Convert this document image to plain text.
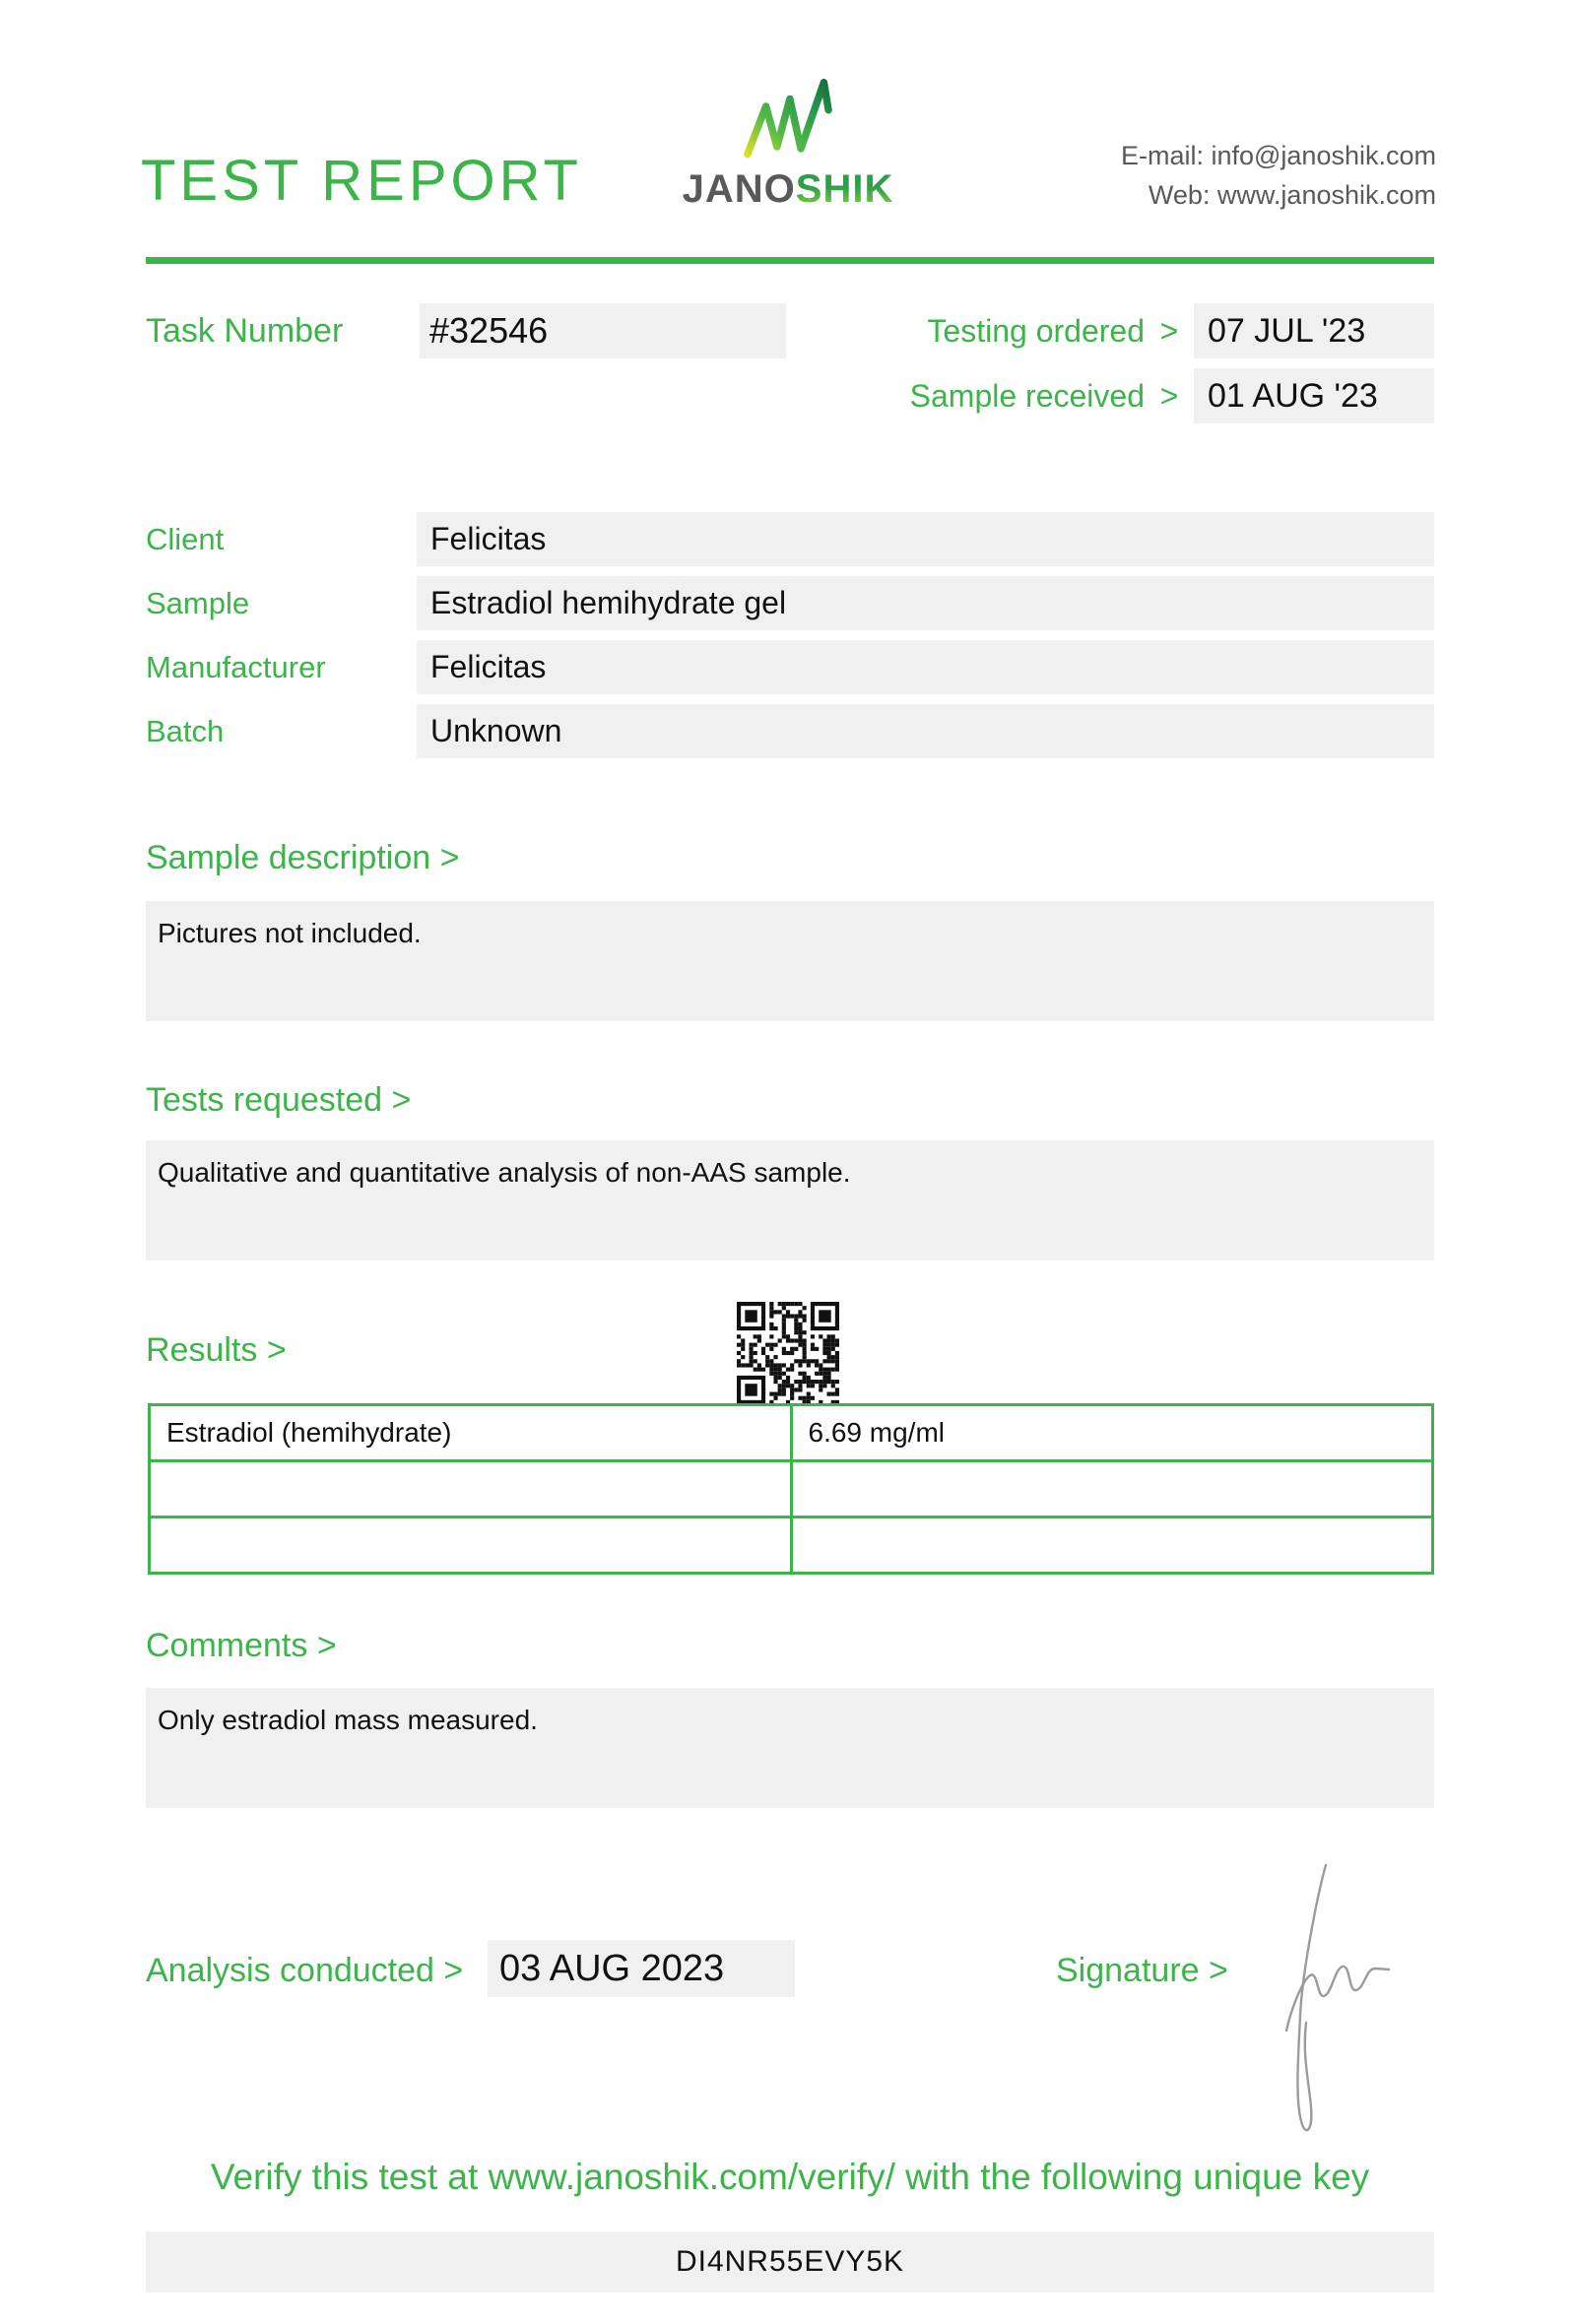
TEST REPORT	JANOSHIK
E-mail: info@janoshik.com
Web: www.janoshik.com
Task Number #32546	Testing ordered > 07 JUL '23
Sample received > 01 AUG '23
Client	Felicitas
Sample	Estradiol hemihydrate gel
Manufacturer	Felicitas
Batch	Unknown
Sample description >
Pictures not included.
Tests requested >
Qualitative and quantitative analysis of non-AAS sample.
Results >
Estradiol (hemihydrate)	6.69 mg/ml

Comments >
Only estradiol mass measured.
Analysis conducted > 03 AUG 2023	Signature >
Verify this test at www.janoshik.com/verify/ with the following unique key
DI4NR55EVY5K
